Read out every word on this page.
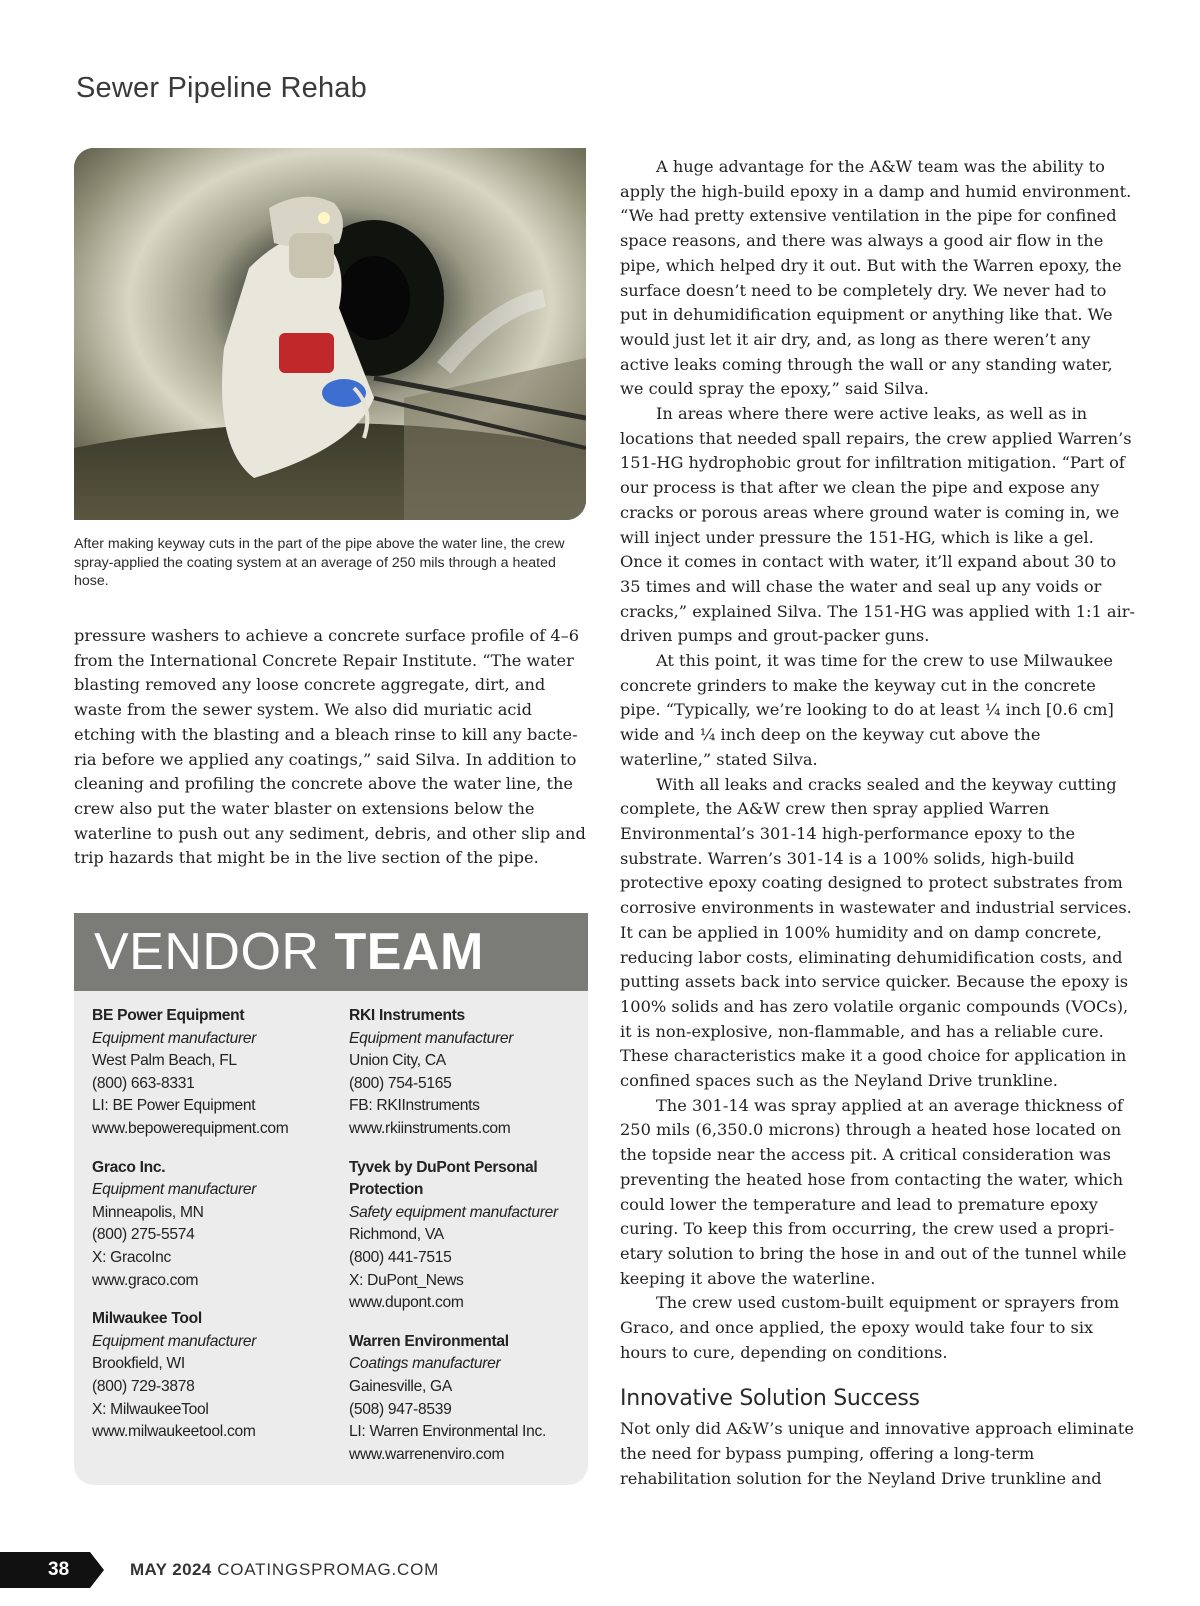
Sewer Pipeline Rehab
After making keyway cuts in the part of the pipe above the water line, the crew spray-applied the coating system at an average of 250 mils through a heated hose.

pressure washers to achieve a concrete surface profile of 4–6 from the International Concrete Repair Institute. “The water blasting removed any loose concrete aggregate, dirt, and waste from the sewer system. We also did muriatic acid etching with the blasting and a bleach rinse to kill any bacteria before we applied any coatings,” said Silva. In addition to cleaning and profiling the concrete above the water line, the crew also put the water blaster on extensions below the waterline to push out any sediment, debris, and other slip and trip hazards that might be in the live section of the pipe.

VENDOR TEAM
BE Power Equipment
Equipment manufacturer
West Palm Beach, FL
(800) 663-8331
LI: BE Power Equipment
www.bepowerequipment.com
Graco Inc.
Equipment manufacturer
Minneapolis, MN
(800) 275-5574
X: GracoInc
www.graco.com
Milwaukee Tool
Equipment manufacturer
Brookfield, WI
(800) 729-3878
X: MilwaukeeTool
www.milwaukeetool.com
RKI Instruments
Equipment manufacturer
Union City, CA
(800) 754-5165
FB: RKIInstruments
www.rkiinstruments.com
Tyvek by DuPont Personal Protection
Safety equipment manufacturer
Richmond, VA
(800) 441-7515
X: DuPont_News
www.dupont.com
Warren Environmental
Coatings manufacturer
Gainesville, GA
(508) 947-8539
LI: Warren Environmental Inc.
www.warrenenviro.com

A huge advantage for the A&W team was the ability to apply the high-build epoxy in a damp and humid environment. “We had pretty extensive ventilation in the pipe for confined space reasons, and there was always a good air flow in the pipe, which helped dry it out. But with the Warren epoxy, the surface doesn’t need to be completely dry. We never had to put in dehumidification equipment or anything like that. We would just let it air dry, and, as long as there weren’t any active leaks coming through the wall or any standing water, we could spray the epoxy,” said Silva.

In areas where there were active leaks, as well as in locations that needed spall repairs, the crew applied Warren’s 151-HG hydrophobic grout for infiltration mitigation. “Part of our process is that after we clean the pipe and expose any cracks or porous areas where ground water is coming in, we will inject under pressure the 151-HG, which is like a gel. Once it comes in contact with water, it’ll expand about 30 to 35 times and will chase the water and seal up any voids or cracks,” explained Silva. The 151-HG was applied with 1:1 air-driven pumps and grout-packer guns.

At this point, it was time for the crew to use Milwaukee concrete grinders to make the keyway cut in the concrete pipe. “Typically, we’re looking to do at least ¼ inch [0.6 cm] wide and ¼ inch deep on the keyway cut above the waterline,” stated Silva.

With all leaks and cracks sealed and the keyway cutting complete, the A&W crew then spray applied Warren Environmental’s 301-14 high-performance epoxy to the substrate. Warren’s 301-14 is a 100% solids, high-build protective epoxy coating designed to protect substrates from corrosive environments in wastewater and industrial services. It can be applied in 100% humidity and on damp concrete, reducing labor costs, eliminating dehumidification costs, and putting assets back into service quicker. Because the epoxy is 100% solids and has zero volatile organic compounds (VOCs), it is non-explosive, non-flammable, and has a reliable cure. These characteristics make it a good choice for application in confined spaces such as the Neyland Drive trunkline.

The 301-14 was spray applied at an average thickness of 250 mils (6,350.0 microns) through a heated hose located on the topside near the access pit. A critical consideration was preventing the heated hose from contacting the water, which could lower the temperature and lead to premature epoxy curing. To keep this from occurring, the crew used a proprietary solution to bring the hose in and out of the tunnel while keeping it above the waterline.

The crew used custom-built equipment or sprayers from Graco, and once applied, the epoxy would take four to six hours to cure, depending on conditions.

Innovative Solution Success

Not only did A&W’s unique and innovative approach eliminate the need for bypass pumping, offering a long-term rehabilitation solution for the Neyland Drive trunkline and

38	MAY 2024 COATINGSPROMAG.COM
